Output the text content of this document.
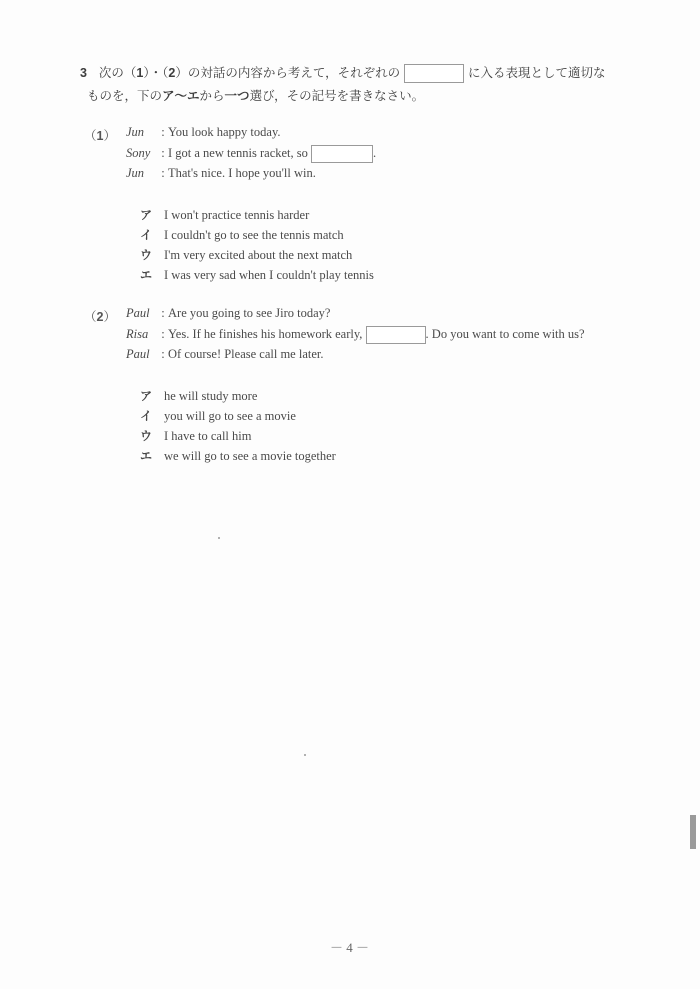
3 次の（1）・（2）の対話の内容から考えて，それぞれの	に入る表現として適切な
ものを，下のア～エから一つ選び，その記号を書きなさい。
（1） Jun : You look happy today.
Sony : I got a new tennis racket, so	.
Jun : That's nice. I hope you'll win.
ア I won't practice tennis harder
イ I couldn't go to see the tennis match
ウ I'm very excited about the next match
エ I was very sad when I couldn't play tennis
（2） Paul : Are you going to see Jiro today?
Risa : Yes. If he finishes his homework early,	. Do you want to come with us?
Paul : Of course! Please call me later.
ア he will study more
イ you will go to see a movie
ウ I have to call him
エ we will go to see a movie together
－ 4 －
